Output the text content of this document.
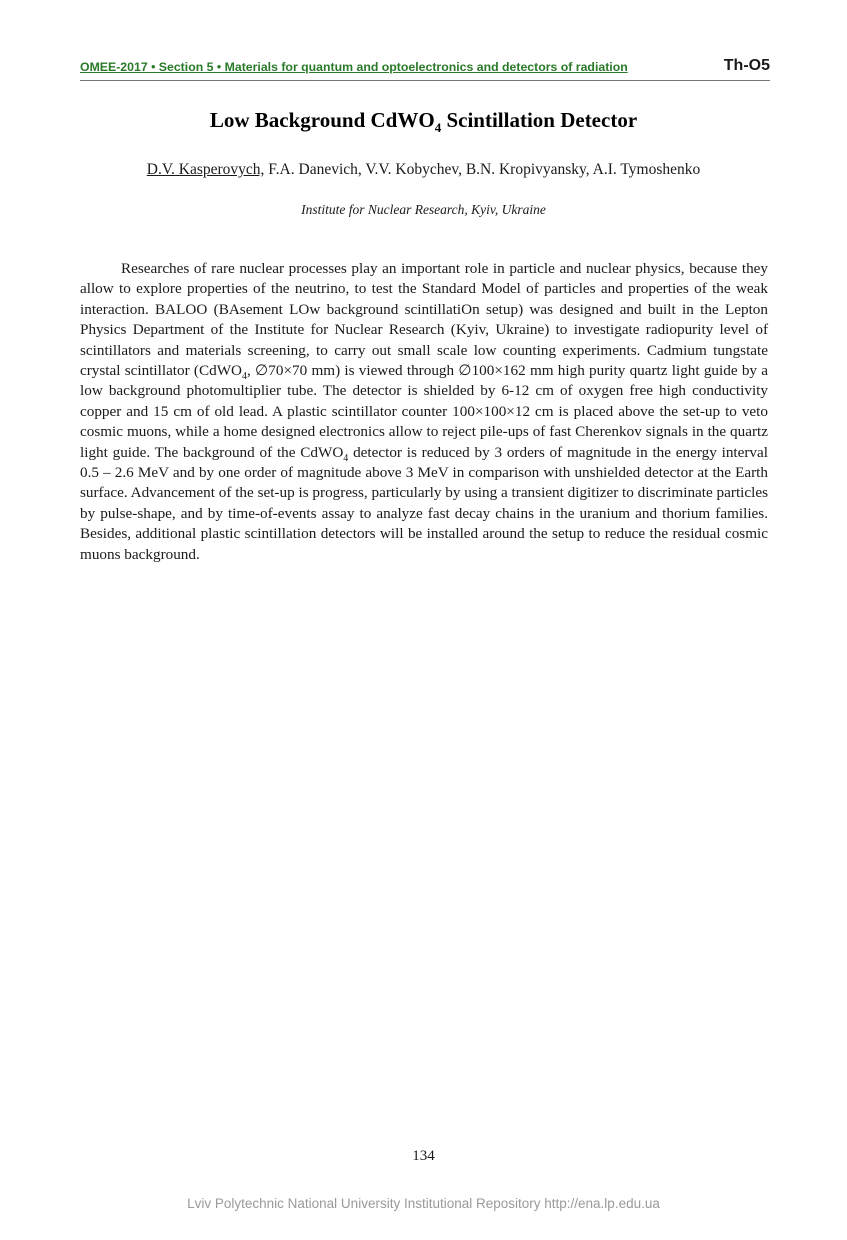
OMEE-2017 • Section 5 • Materials for quantum and optoelectronics and detectors of radiation	Th-O5
Low Background CdWO$_4$ Scintillation Detector
D.V. Kasperovych, F.A. Danevich, V.V. Kobychev, B.N. Kropivyansky, A.I. Tymoshenko
Institute for Nuclear Research, Kyiv, Ukraine

Researches of rare nuclear processes play an important role in particle and nuclear physics, because they allow to explore properties of the neutrino, to test the Standard Model of particles and properties of the weak interaction. BALOO (BAsement LOw background scintillatiOn setup) was designed and built in the Lepton Physics Department of the Institute for Nuclear Research (Kyiv, Ukraine) to investigate radiopurity level of scintillators and materials screening, to carry out small scale low counting experiments. Cadmium tungstate crystal scintillator (CdWO$_4$, ∅70×70 mm) is viewed through ∅100×162 mm high purity quartz light guide by a low background photomultiplier tube. The detector is shielded by 6-12 cm of oxygen free high conductivity copper and 15 cm of old lead. A plastic scintillator counter 100×100×12 cm is placed above the set-up to veto cosmic muons, while a home designed electronics allow to reject pile-ups of fast Cherenkov signals in the quartz light guide. The background of the CdWO$_4$ detector is reduced by 3 orders of magnitude in the energy interval 0.5 – 2.6 MeV and by one order of magnitude above 3 MeV in comparison with unshielded detector at the Earth surface. Advancement of the set-up is progress, particularly by using a transient digitizer to discriminate particles by pulse-shape, and by time-of-events assay to analyze fast decay chains in the uranium and thorium families. Besides, additional plastic scintillation detectors will be installed around the setup to reduce the residual cosmic muons background.

134
Lviv Polytechnic National University Institutional Repository http://ena.lp.edu.ua
